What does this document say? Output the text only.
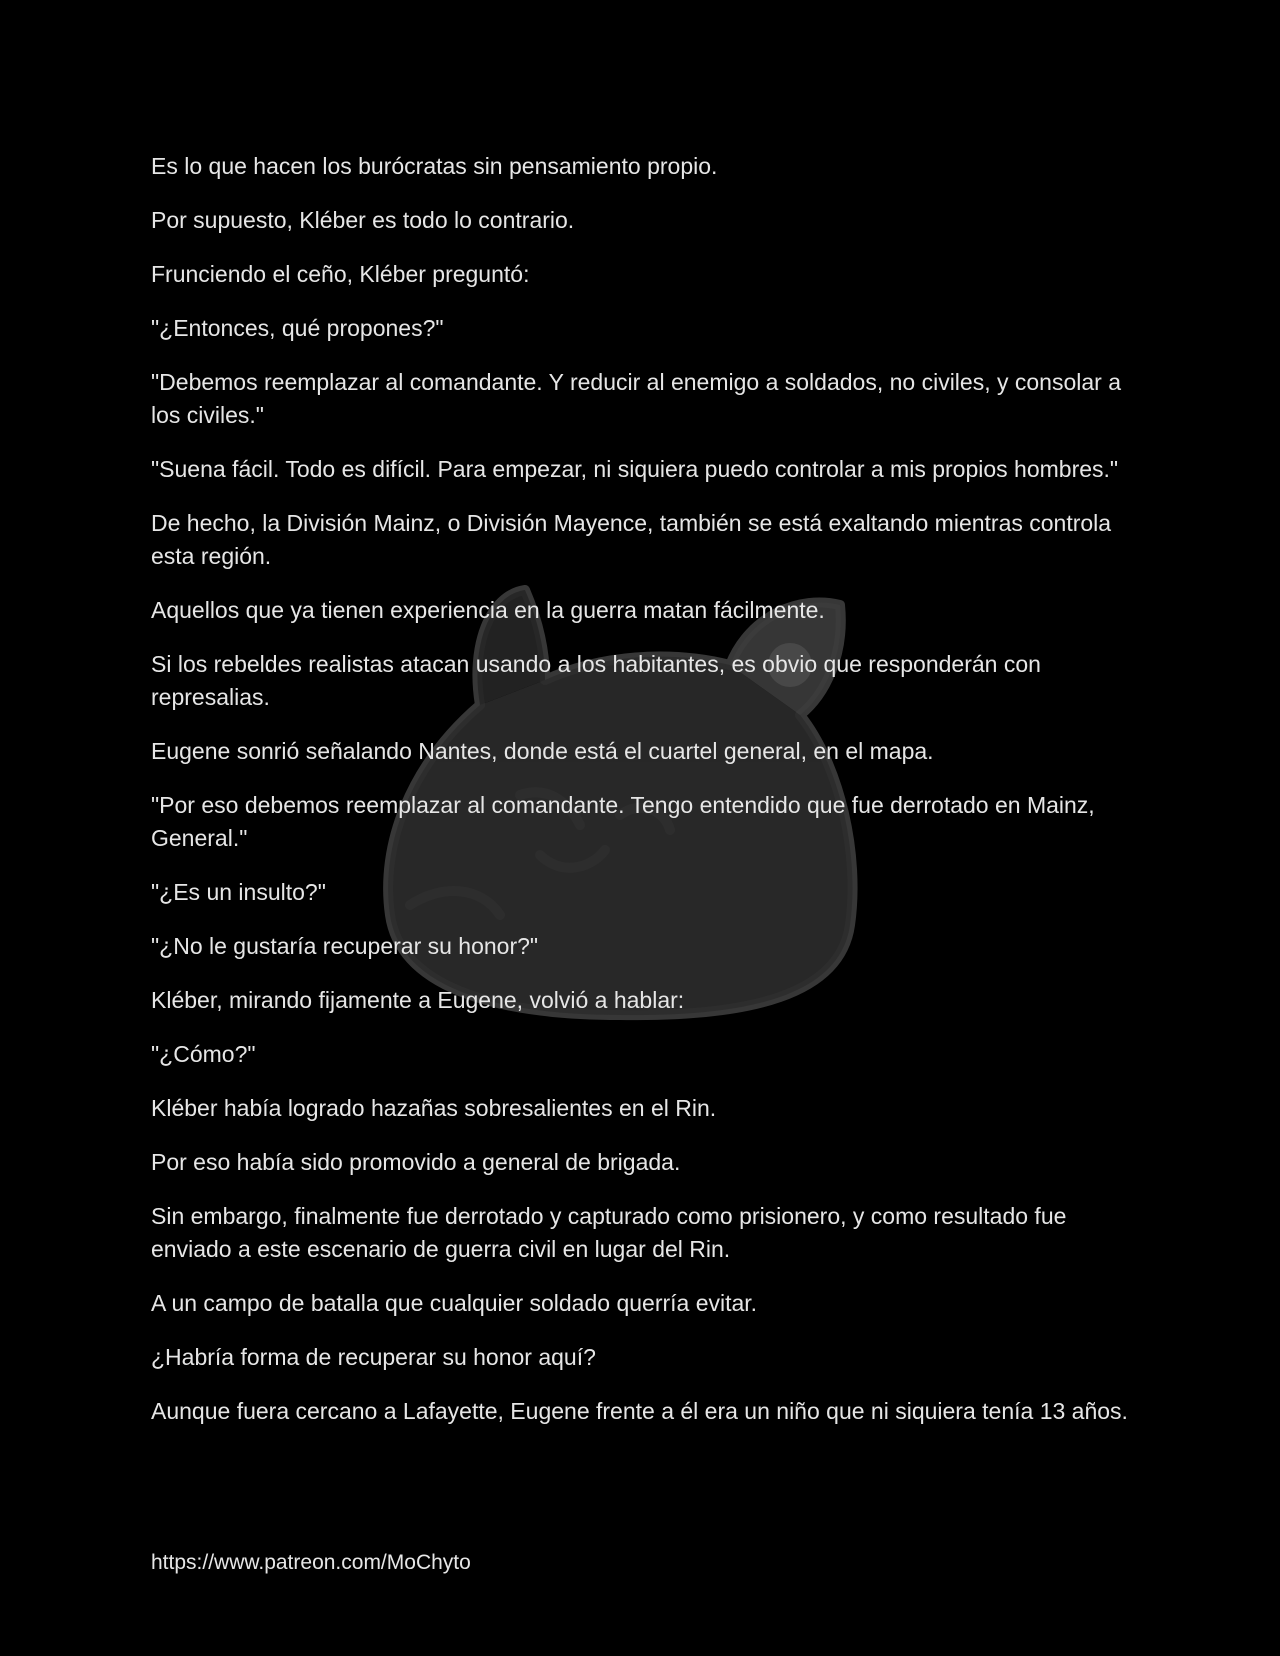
Es lo que hacen los burócratas sin pensamiento propio.

Por supuesto, Kléber es todo lo contrario.

Frunciendo el ceño, Kléber preguntó:

"¿Entonces, qué propones?"

"Debemos reemplazar al comandante. Y reducir al enemigo a soldados, no civiles, y consolar a los civiles."

"Suena fácil. Todo es difícil. Para empezar, ni siquiera puedo controlar a mis propios hombres."

De hecho, la División Mainz, o División Mayence, también se está exaltando mientras controla esta región.

Aquellos que ya tienen experiencia en la guerra matan fácilmente.

Si los rebeldes realistas atacan usando a los habitantes, es obvio que responderán con represalias.

Eugene sonrió señalando Nantes, donde está el cuartel general, en el mapa.

"Por eso debemos reemplazar al comandante. Tengo entendido que fue derrotado en Mainz, General."

"¿Es un insulto?"

"¿No le gustaría recuperar su honor?"

Kléber, mirando fijamente a Eugene, volvió a hablar:

"¿Cómo?"

Kléber había logrado hazañas sobresalientes en el Rin.

Por eso había sido promovido a general de brigada.

Sin embargo, finalmente fue derrotado y capturado como prisionero, y como resultado fue enviado a este escenario de guerra civil en lugar del Rin.

A un campo de batalla que cualquier soldado querría evitar.

¿Habría forma de recuperar su honor aquí?

Aunque fuera cercano a Lafayette, Eugene frente a él era un niño que ni siquiera tenía 13 años.

https://www.patreon.com/MoChyto
